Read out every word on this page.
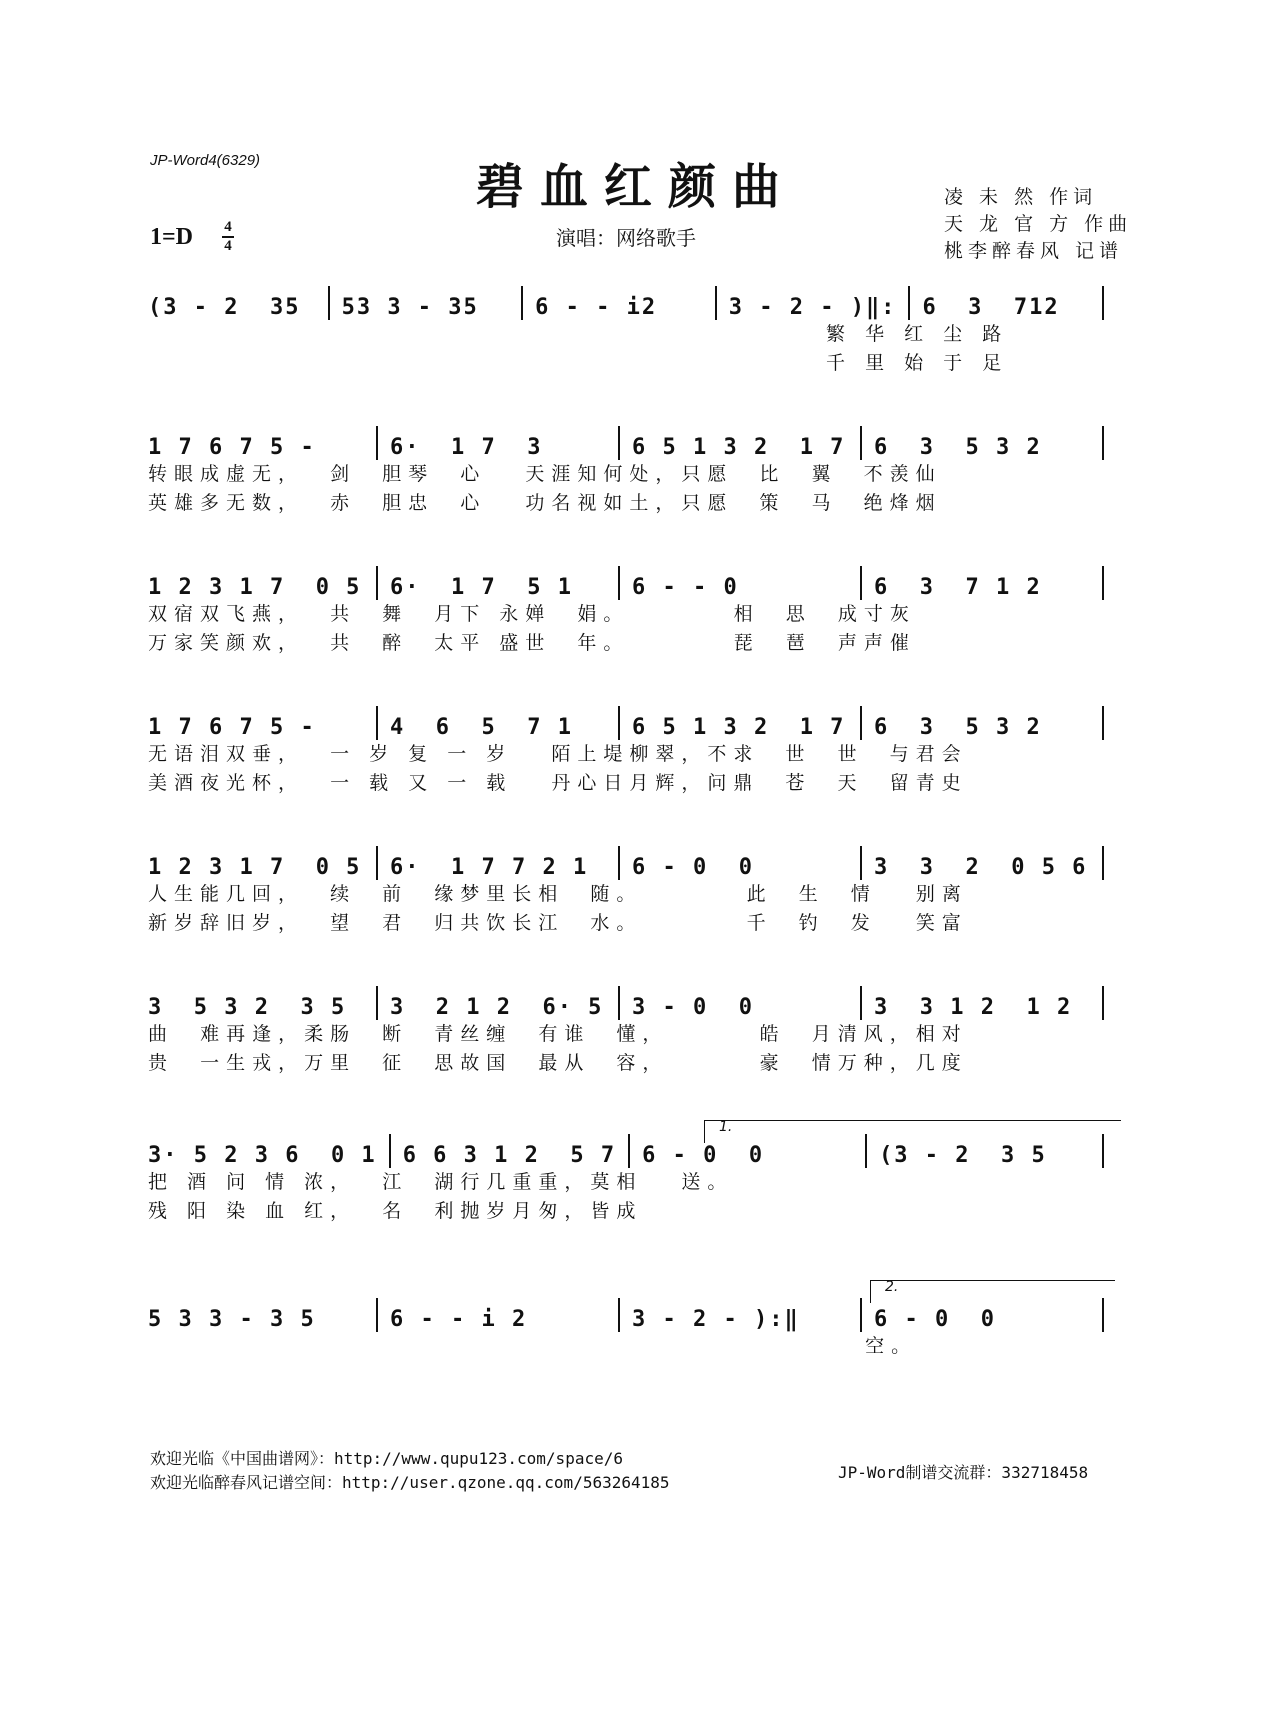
JP-Word4(6329)	碧血红颜曲
演唱：网络歌手
凌 未 然 作词
天 龙 官 方 作曲
桃李醉春风 记谱
1=D 4
4
(3 - 2  35	53 3 - 35	6 - - i2	3 - 2 - )‖: 6  3  712
繁 华 红 尘 路
千 里 始 于 足
1 7 6 7 5 -	6·  1 7  3	6 5 1 3 2  1 7 6  3  5 3 2
转眼成虚无，  剑  胆琴  心   天涯知何处，只愿  比  翼  不羡仙
英雄多无数，  赤  胆忠  心   功名视如土，只愿  策  马  绝烽烟
1 2 3 1 7  0 5 6·  1 7  5 1	6 - - 0	6  3  7 1 2
双宿双飞燕，  共  舞  月下 永婵  娟。        相  思  成寸灰
万家笑颜欢，  共  醉  太平 盛世  年。        琵  琶  声声催
1 7 6 7 5 -	4  6  5  7 1	6 5 1 3 2  1 7 6  3  5 3 2
无语泪双垂，  一 岁 复 一 岁   陌上堤柳翠，不求  世  世  与君会
美酒夜光杯，  一 载 又 一 载   丹心日月辉，问鼎  苍  天  留青史
1 2 3 1 7  0 5 6·  1 7 7 2 1	6 - 0  0	3  3  2  0 5 6
人生能几回，  续  前  缘梦里长相  随。        此  生  情   别离
新岁辞旧岁，  望  君  归共饮长江  水。        千  钓  发   笑富
3  5 3 2  3 5	3  2 1 2  6· 5 3 - 0  0	3  3 1 2  1 2
曲  难再逢，柔肠  断  青丝缠  有谁  懂，       皓  月清风，相对
贵  一生戎，万里  征  思故国  最从  容，       豪  情万种，几度
3· 5 2 3 6  0 1 6 6 3 1 2  5 7 6 - 0  0	(3 - 2  3 5
把 酒 问 情 浓，  江  湖行几重重，莫相   送。
残 阳 染 血 红，  名  利抛岁月匆，皆成
5 3 3 - 3 5	6 - - i 2	3 - 2 - ):‖	6 - 0  0
空。
1.
2.
欢迎光临《中国曲谱网》：http://www.qupu123.com/space/6
欢迎光临醉春风记谱空间：http://user.qzone.qq.com/563264185
JP-Word制谱交流群：332718458
